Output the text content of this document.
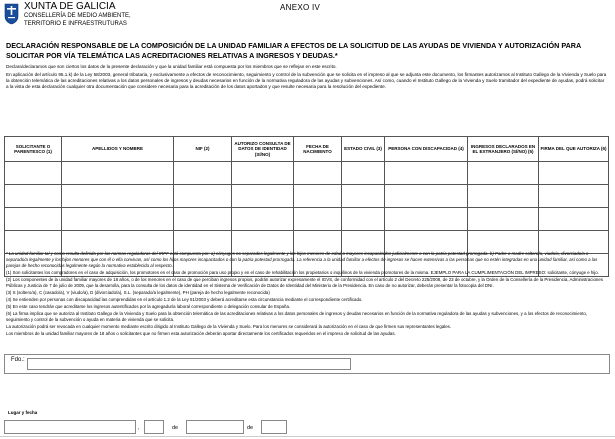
XUNTA DE GALICIA
CONSELLERÍA DE MEDIO AMBIENTE,
TERRITORIO E INFRAESTRUTURAS
ANEXO IV
DECLARACIÓN RESPONSABLE DE LA COMPOSICIÓN DE LA UNIDAD FAMILIAR A EFECTOS DE LA SOLICITUD DE LAS AYUDAS DE VIVIENDA Y AUTORIZACIÓN PARA SOLICITAR POR VÍA TELEMÁTICA LAS ACREDITACIONES RELATIVAS A INGRESOS Y DEUDAS.*

Declara/declaramos que son ciertos los datos de la presente declaración y que la unidad familiar está compuesta por los miembros que se reflejan en este escrito.

En aplicación del artículo 95.1.k) de la Ley 58/2003, general tributaria, y exclusivamente a efectos de reconocimiento, seguimiento y control de la subvención que se solicita en el impreso al que se adjunta este documento, los firmantes autorizamos al Instituto Gallego de la Vivienda y Suelo para la obtención telemática de las acreditaciones relativas a los datos personales de ingresos y deudas necesarios en función de la normativa reguladora de las ayudas y subvenciones. Así como, cuando el Instituto Gallego de la Vivienda y Suelo tramitador del expediente de ayudas, podrá solicitar a la vista de esta declaración cualquier otra documentación que considere necesaria para la acreditación de los datos aportados y que resulte necesaria para la resolución del expediente.

SOLICITANTE O PARENTESCO (1)	APELLIDOS Y NOMBRE	NIF (2)	AUTORIZO CONSULTA DE DATOS DE IDENTIDAD (SÍ/NO)	FECHA DE NACIMIENTO	ESTADO CIVIL (3)	PERSONA CON DISCAPACIDAD (4)	INGRESOS DECLARADOS EN EL EXTRANJERO (SÍ/NO) (5)	FIRMA DEL QUE AUTORIZA (6)

* La unidad familiar tal y como resulta definida por las normas reguladoras del IRPF está compuesta por: a) cónyuges no separados legalmente y los hijos menores de edad o mayores incapacitados judicialmente o con la patria potestad prorrogada. b) Padre o madre soltero/a, viudo/a, divorciado/a o separado/a legalmente y los hijos menores que con él o ella convivan, así como los hijos mayores incapacitados o con la patria potestad prorrogada. La referencia a la unidad familiar a efectos de ingresos se hacen extensivas a las personas que no estén integradas en una unidad familiar, así como a las parejas de hecho reconocidas legalmente según la normativa establecida al respecto.

(1) Son solicitantes los compradores en el caso de adquisición, los promotores en el caso de promoción para uso propio y en el caso de rehabilitación los propietarios o inquilinos de la vivienda promotores de la misma. EJEMPLO PARA LA CUMPLIMENTACIÓN DEL IMPRESO: solicitante, cónyuge e hijo.

(2) Los componentes de la unidad familiar mayores de 18 años, o de los menores en el caso de que perciban ingresos propios, podrán autorizar expresamente el IGVS, de conformidad con el artículo 2 del Decreto 225/2008, de 23 de octubre, y la Orden de la Consellería de la Presidencia, Administraciones Públicas y Justicia de 7 de julio de 2009, que la desarrolla, para la consulta de los datos de identidad en el Sistema de Verificación de Datos de Identidad del Ministerio de la Presidencia. En caso de no autorizar, deberán presentar la fotocopia del DNI.

(3) S (soltero/a), C (casado/a), V (viudo/a), D (divorciado/a), S.L. (separado/a legalmente), PH (pareja de hecho legalmente reconocida)

(4) Se entienden por personas con discapacidad las comprendidas en el artículo 1.2 de la Ley 51/2003 y deberá acreditarse esta circunstancia mediante el correspondiente certificado.

(5) En este caso tendrán que acreditarse los ingresos autentificados por la agregaduría laboral correspondiente o delegación consular de España.

(6) La firma implica que se autoriza al Instituto Gallego de la Vivienda y Suelo para la obtención telemática de las acreditaciones relativas a los datos personales de ingresos y deudas necesarios en función de la normativa reguladora de las ayudas y subvenciones, y a los efectos de reconocimiento, seguimiento y control de la subvención o ayuda en materia de vivienda que se solicita.

La autorización podrá ser revocada en cualquier momento mediante escrito dirigido al Instituto Gallego de la Vivienda y Suelo. Para los menores se considerará la autorización en el caso de que firmen sus representantes legales.

Los miembros de la unidad familiar mayores de 18 años o solicitantes que no firmen esta autorización deberán aportar directamente los certificados requeridos en el impreso de solicitud de las ayudas.

Fdo.:
Lugar y fecha
,	de	de
